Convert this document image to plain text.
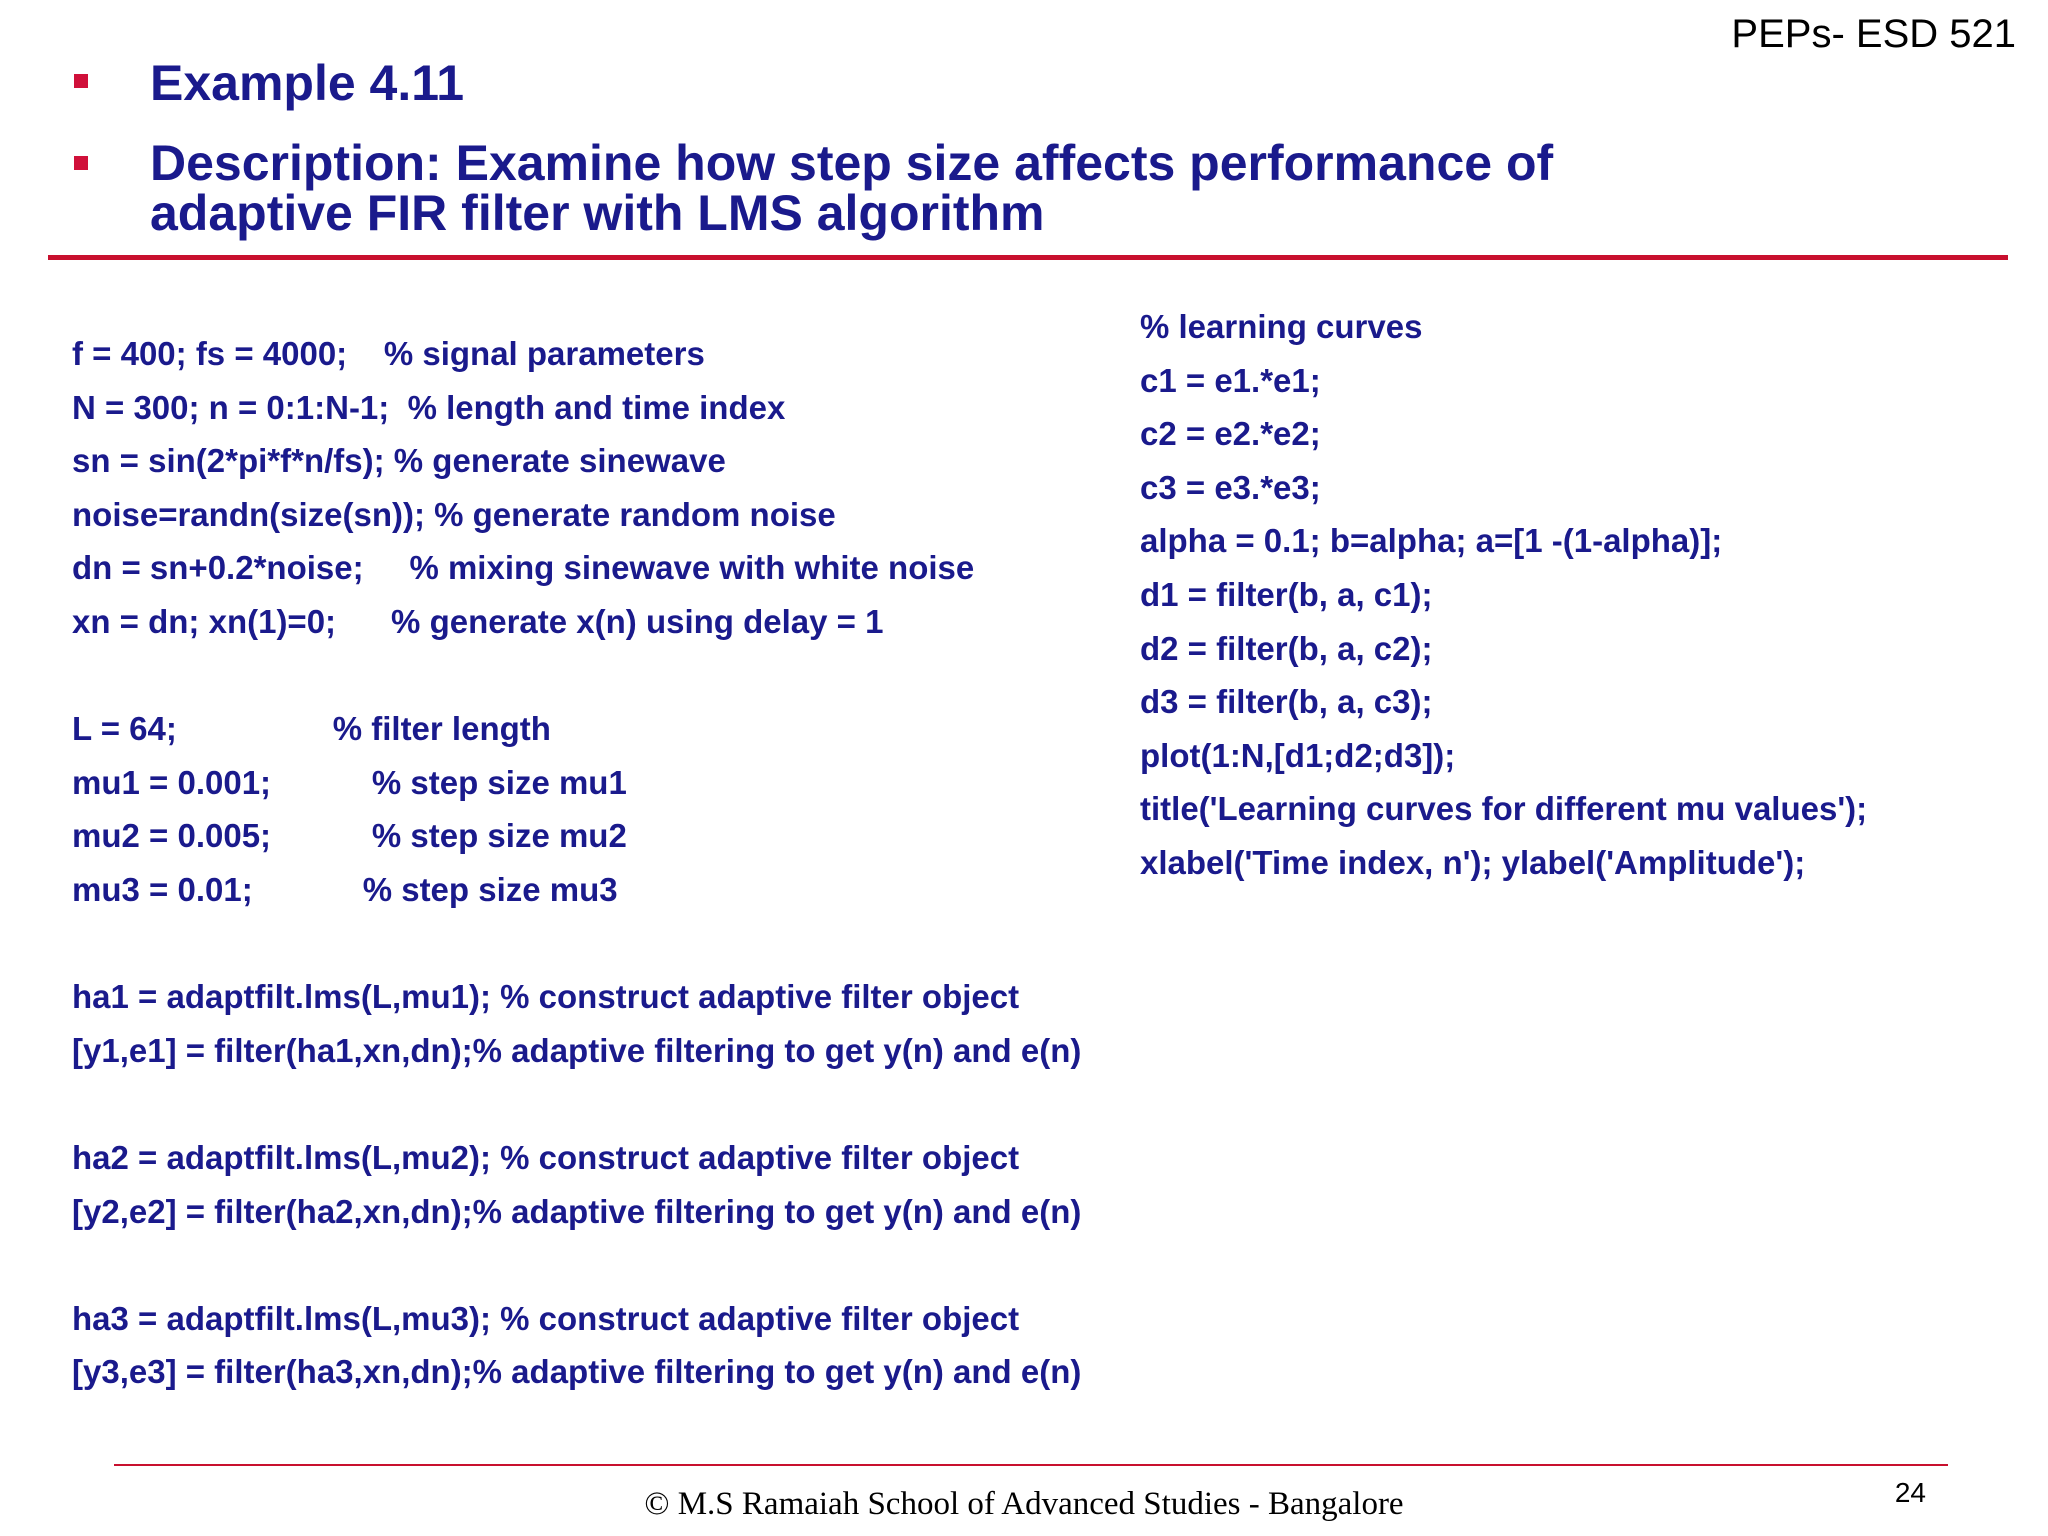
PEPs- ESD 521
Example 4.11
Description: Examine how step size affects performance of adaptive FIR filter with LMS algorithm
f = 400; fs = 4000;    % signal parameters
N = 300; n = 0:1:N-1;  % length and time index
sn = sin(2*pi*f*n/fs); % generate sinewave
noise=randn(size(sn)); % generate random noise
dn = sn+0.2*noise;     % mixing sinewave with white noise
xn = dn; xn(1)=0;      % generate x(n) using delay = 1
L = 64;                 % filter length
mu1 = 0.001;           % step size mu1
mu2 = 0.005;           % step size mu2
mu3 = 0.01;            % step size mu3
ha1 = adaptfilt.lms(L,mu1); % construct adaptive filter object
[y1,e1] = filter(ha1,xn,dn);% adaptive filtering to get y(n) and e(n)
ha2 = adaptfilt.lms(L,mu2); % construct adaptive filter object
[y2,e2] = filter(ha2,xn,dn);% adaptive filtering to get y(n) and e(n)
ha3 = adaptfilt.lms(L,mu3); % construct adaptive filter object
[y3,e3] = filter(ha3,xn,dn);% adaptive filtering to get y(n) and e(n)
% learning curves
c1 = e1.*e1;
c2 = e2.*e2;
c3 = e3.*e3;
alpha = 0.1; b=alpha; a=[1 -(1-alpha)];
d1 = filter(b, a, c1);
d2 = filter(b, a, c2);
d3 = filter(b, a, c3);
plot(1:N,[d1;d2;d3]);
title('Learning curves for different mu values');
xlabel('Time index, n'); ylabel('Amplitude');
© M.S Ramaiah School of Advanced Studies - Bangalore	24
